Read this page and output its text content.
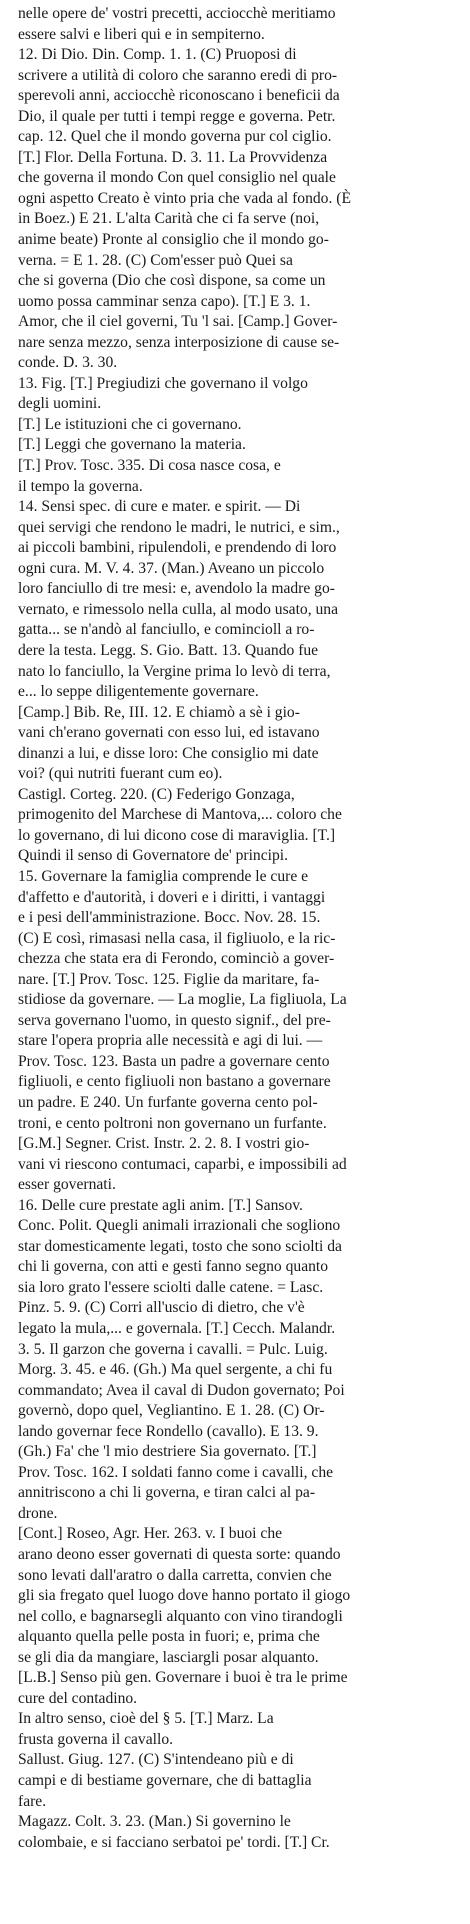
nelle opere de' vostri precetti, acciocchè meritiamo
essere salvi e liberi qui e in sempiterno.
12. Di Dio. Din. Comp. 1. 1. (C) Pruoposi di
scrivere a utilità di coloro che saranno eredi di pro-
sperevoli anni, acciocchè riconoscano i beneficii da
Dio, il quale per tutti i tempi regge e governa. Petr.
cap. 12. Quel che il mondo governa pur col ciglio.
[T.] Flor. Della Fortuna. D. 3. 11. La Provvidenza
che governa il mondo Con quel consiglio nel quale
ogni aspetto Creato è vinto pria che vada al fondo. (È
in Boez.) E 21. L'alta Carità che ci fa serve (noi,
anime beate) Pronte al consiglio che il mondo go-
verna. = E 1. 28. (C) Com'esser può Quei sa
che si governa (Dio che così dispone, sa come un
uomo possa camminar senza capo). [T.] E 3. 1.
Amor, che il ciel governi, Tu 'l sai. [Camp.] Gover-
nare senza mezzo, senza interposizione di cause se-
conde. D. 3. 30.
13. Fig. [T.] Pregiudizi che governano il volgo
degli uomini.
[T.] Le istituzioni che ci governano.
[T.] Leggi che governano la materia.
[T.] Prov. Tosc. 335. Di cosa nasce cosa, e
il tempo la governa.
14. Sensi spec. di cure e mater. e spirit. — Di
quei servigi che rendono le madri, le nutrici, e sim.,
ai piccoli bambini, ripulendoli, e prendendo di loro
ogni cura. M. V. 4. 37. (Man.) Aveano un piccolo
loro fanciullo di tre mesi: e, avendolo la madre go-
vernato, e rimessolo nella culla, al modo usato, una
gatta... se n'andò al fanciullo, e comincioll a ro-
dere la testa. Legg. S. Gio. Batt. 13. Quando fue
nato lo fanciullo, la Vergine prima lo levò di terra,
e... lo seppe diligentemente governare.
[Camp.] Bib. Re, III. 12. E chiamò a sè i gio-
vani ch'erano governati con esso lui, ed istavano
dinanzi a lui, e disse loro: Che consiglio mi date
voi? (qui nutriti fuerant cum eo).
Castigl. Corteg. 220. (C) Federigo Gonzaga,
primogenito del Marchese di Mantova,... coloro che
lo governano, di lui dicono cose di maraviglia. [T.]
Quindi il senso di Governatore de' principi.
15. Governare la famiglia comprende le cure e
d'affetto e d'autorità, i doveri e i diritti, i vantaggi
e i pesi dell'amministrazione. Bocc. Nov. 28. 15.
(C) E così, rimasasi nella casa, il figliuolo, e la ric-
chezza che stata era di Ferondo, cominciò a gover-
nare. [T.] Prov. Tosc. 125. Figlie da maritare, fa-
stidiose da governare. — La moglie, La figliuola, La
serva governano l'uomo, in questo signif., del pre-
stare l'opera propria alle necessità e agi di lui. —
Prov. Tosc. 123. Basta un padre a governare cento
figliuoli, e cento figliuoli non bastano a governare
un padre. E 240. Un furfante governa cento pol-
troni, e cento poltroni non governano un furfante.
[G.M.] Segner. Crist. Instr. 2. 2. 8. I vostri gio-
vani vi riescono contumaci, caparbi, e impossibili ad
esser governati.
16. Delle cure prestate agli anim. [T.] Sansov.
Conc. Polit. Quegli animali irrazionali che sogliono
star domesticamente legati, tosto che sono sciolti da
chi li governa, con atti e gesti fanno segno quanto
sia loro grato l'essere sciolti dalle catene. = Lasc.
Pinz. 5. 9. (C) Corri all'uscio di dietro, che v'è
legato la mula,... e governala. [T.] Cecch. Malandr.
3. 5. Il garzon che governa i cavalli. = Pulc. Luig.
Morg. 3. 45. e 46. (Gh.) Ma quel sergente, a chi fu
commandato; Avea il caval di Dudon governato; Poi
governò, dopo quel, Vegliantino. E 1. 28. (C) Or-
lando governar fece Rondello (cavallo). E 13. 9.
(Gh.) Fa' che 'l mio destriere Sia governato. [T.]
Prov. Tosc. 162. I soldati fanno come i cavalli, che
annitriscono a chi li governa, e tiran calci al pa-
drone.
[Cont.] Roseo, Agr. Her. 263. v. I buoi che
arano deono esser governati di questa sorte: quando
sono levati dall'aratro o dalla carretta, convien che
gli sia fregato quel luogo dove hanno portato il giogo
nel collo, e bagnarsegli alquanto con vino tirandogli
alquanto quella pelle posta in fuori; e, prima che
se gli dia da mangiare, lasciargli posar alquanto.
[L.B.] Senso più gen. Governare i buoi è tra le prime
cure del contadino.
In altro senso, cioè del § 5. [T.] Marz. La
frusta governa il cavallo.
Sallust. Giug. 127. (C) S'intendeano più e di
campi e di bestiame governare, che di battaglia
fare.
Magazz. Colt. 3. 23. (Man.) Si governino le
colombaie, e si facciano serbatoi pe' tordi. [T.] Cr.
